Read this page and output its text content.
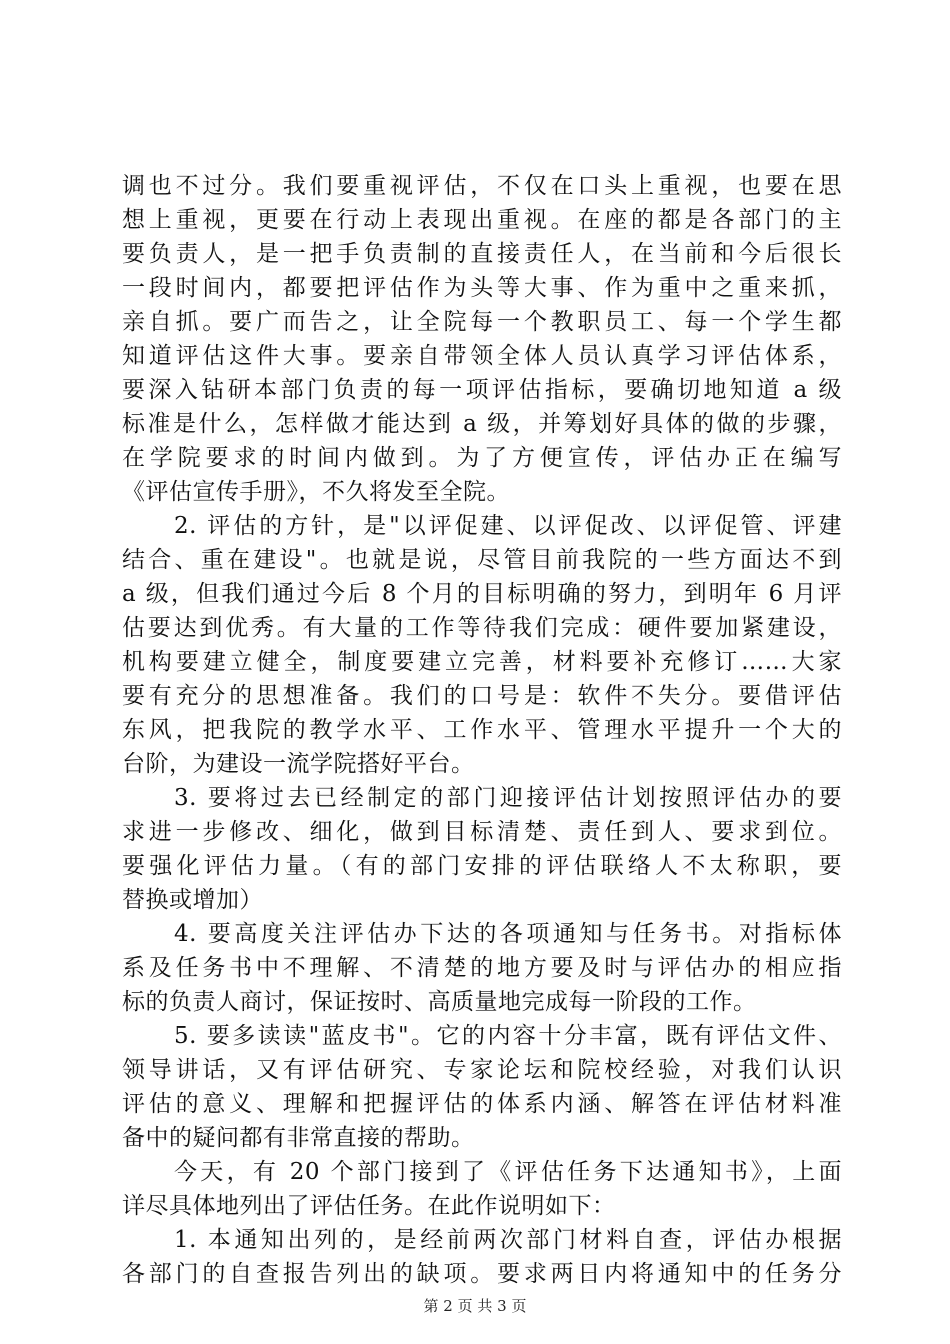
调也不过分。我们要重视评估，不仅在口头上重视，也要在思
想上重视，更要在行动上表现出重视。在座的都是各部门的主
要负责人，是一把手负责制的直接责任人，在当前和今后很长
一段时间内，都要把评估作为头等大事、作为重中之重来抓，
亲自抓。要广而告之，让全院每一个教职员工、每一个学生都
知道评估这件大事。要亲自带领全体人员认真学习评估体系，
要深入钻研本部门负责的每一项评估指标，要确切地知道 a 级
标准是什么，怎样做才能达到 a 级，并筹划好具体的做的步骤，
在学院要求的时间内做到。为了方便宣传，评估办正在编写
《评估宣传手册》，不久将发至全院。
2. 评估的方针，是"以评促建、以评促改、以评促管、评建
结合、重在建设"。也就是说，尽管目前我院的一些方面达不到
a 级，但我们通过今后 8 个月的目标明确的努力，到明年 6 月评
估要达到优秀。有大量的工作等待我们完成：硬件要加紧建设，
机构要建立健全，制度要建立完善，材料要补充修订……大家
要有充分的思想准备。我们的口号是：软件不失分。要借评估
东风，把我院的教学水平、工作水平、管理水平提升一个大的
台阶，为建设一流学院搭好平台。
3. 要将过去已经制定的部门迎接评估计划按照评估办的要
求进一步修改、细化，做到目标清楚、责任到人、要求到位。
要强化评估力量。（有的部门安排的评估联络人不太称职，要
替换或增加）
4. 要高度关注评估办下达的各项通知与任务书。对指标体
系及任务书中不理解、不清楚的地方要及时与评估办的相应指
标的负责人商讨，保证按时、高质量地完成每一阶段的工作。
5. 要多读读"蓝皮书"。它的内容十分丰富，既有评估文件、
领导讲话，又有评估研究、专家论坛和院校经验，对我们认识
评估的意义、理解和把握评估的体系内涵、解答在评估材料准
备中的疑问都有非常直接的帮助。
今天，有 20 个部门接到了《评估任务下达通知书》，上面
详尽具体地列出了评估任务。在此作说明如下：
1. 本通知出列的，是经前两次部门材料自查，评估办根据
各部门的自查报告列出的缺项。要求两日内将通知中的任务分
第 2 页 共 3 页
